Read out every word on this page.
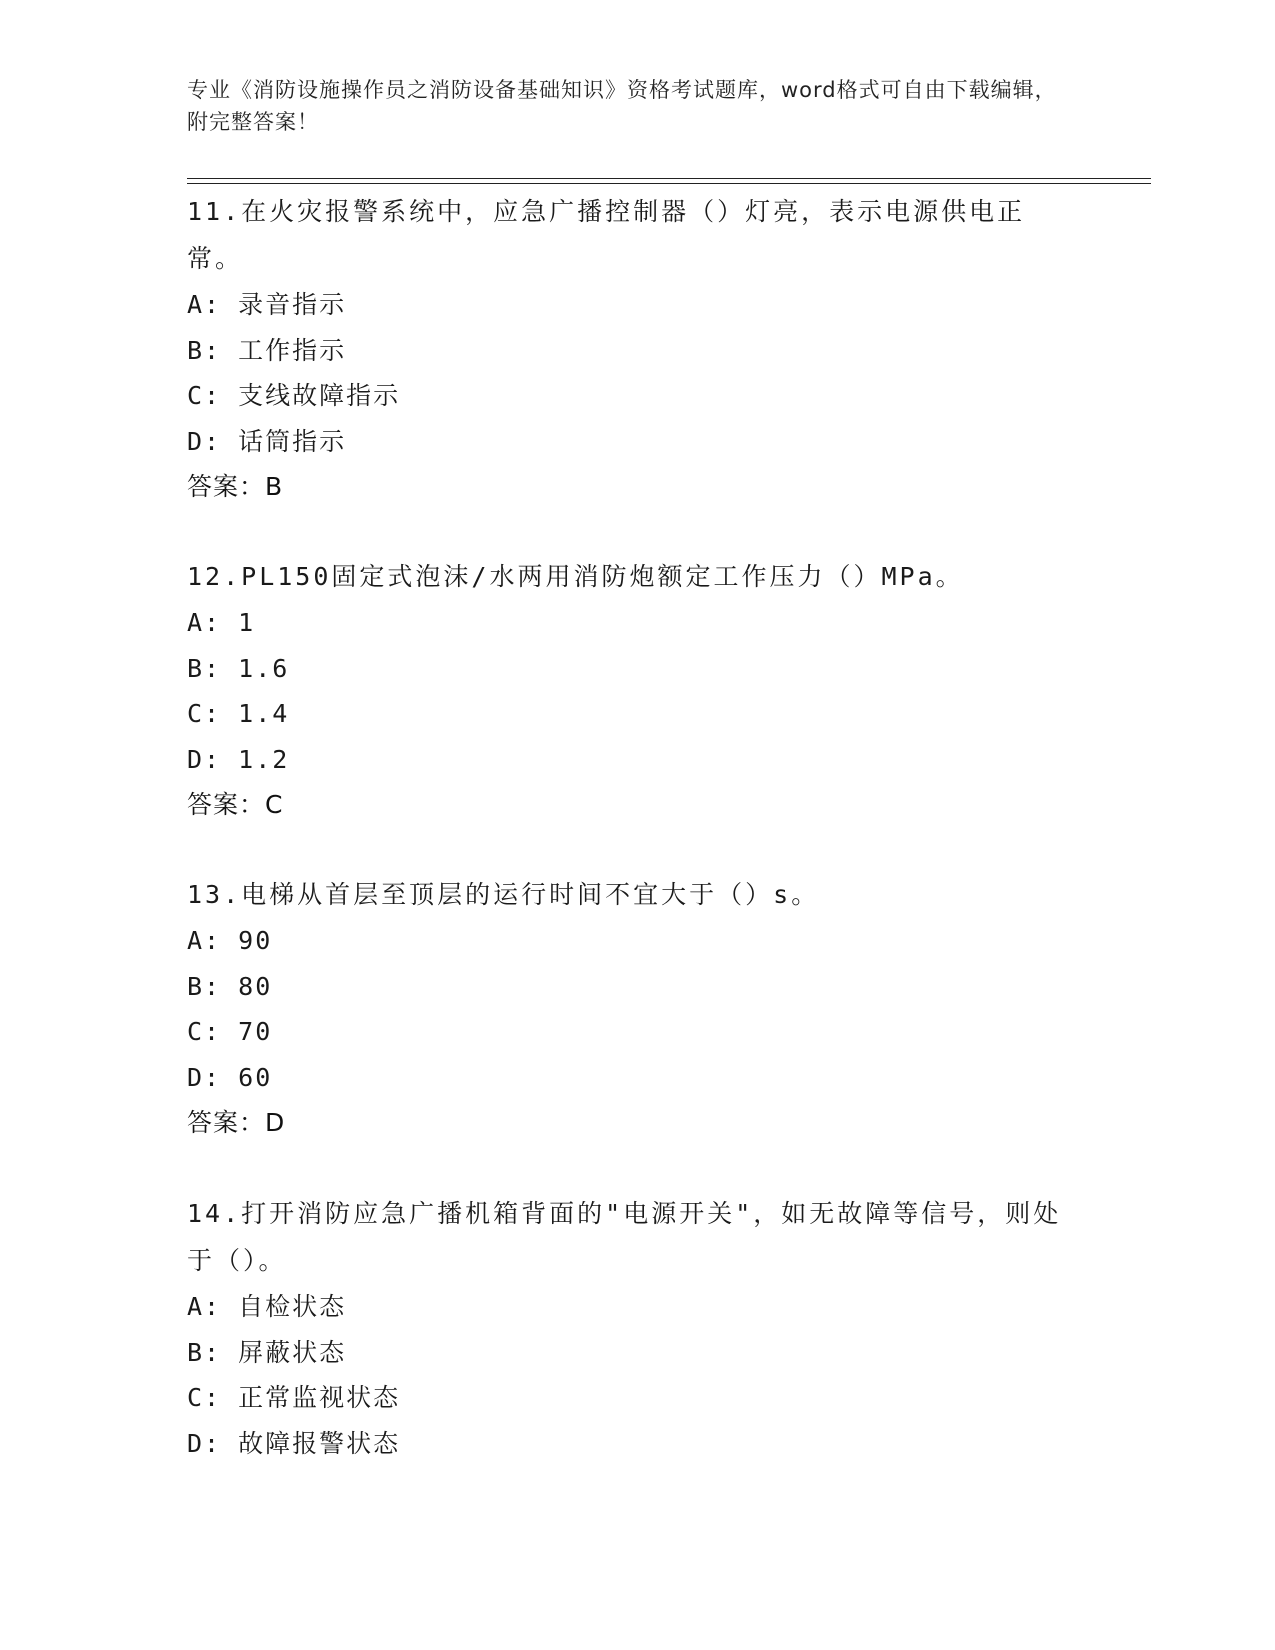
专业《消防设施操作员之消防设备基础知识》资格考试题库，word格式可自由下载编辑，附完整答案！
11.在火灾报警系统中，应急广播控制器（）灯亮，表示电源供电正常。
A: 录音指示
B: 工作指示
C: 支线故障指示
D: 话筒指示
答案：B
12.PL150固定式泡沫/水两用消防炮额定工作压力（）MPa。
A: 1
B: 1.6
C: 1.4
D: 1.2
答案：C
13.电梯从首层至顶层的运行时间不宜大于（）s。
A: 90
B: 80
C: 70
D: 60
答案：D
14.打开消防应急广播机箱背面的"电源开关"，如无故障等信号，则处于（）。
A: 自检状态
B: 屏蔽状态
C: 正常监视状态
D: 故障报警状态
